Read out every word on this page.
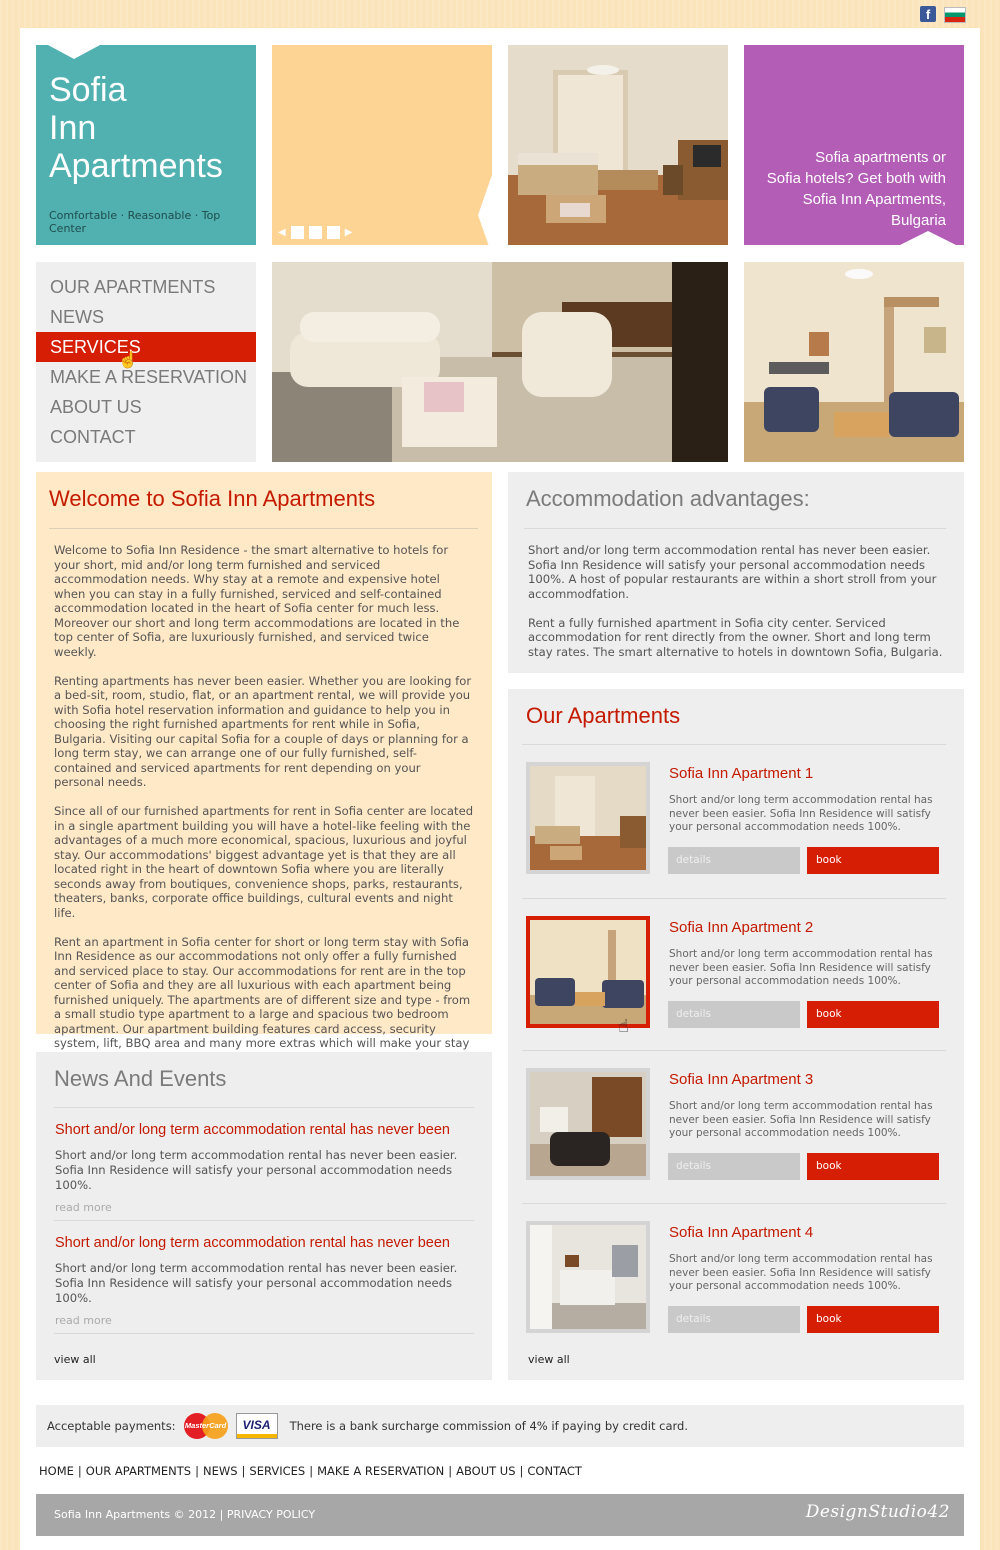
f
Sofia
Inn
Apartments
Comfortable · Reasonable · Top Center	◀	▶
Sofia apartments or
Sofia hotels? Get both with
Sofia Inn Apartments, Bulgaria
OUR APARTMENTS
NEWS
SERVICES
☝
MAKE A RESERVATION
ABOUT US
CONTACT
Welcome to Sofia Inn Apartments

Welcome to Sofia Inn Residence - the smart alternative to hotels for your short, mid and/or long term furnished and serviced accommodation needs. Why stay at a remote and expensive hotel when you can stay in a fully furnished, serviced and self-contained accommodation located in the heart of Sofia center for much less. Moreover our short and long term accommodations are located in the top center of Sofia, are luxuriously furnished, and serviced twice weekly.

Renting apartments has never been easier. Whether you are looking for a bed-sit, room, studio, flat, or an apartment rental, we will provide you with Sofia hotel reservation information and guidance to help you in choosing the right furnished apartments for rent while in Sofia, Bulgaria. Visiting our capital Sofia for a couple of days or planning for a long term stay, we can arrange one of our fully furnished, self-contained and serviced apartments for rent depending on your personal needs.

Since all of our furnished apartments for rent in Sofia center are located in a single apartment building you will have a hotel-like feeling with the advantages of a much more economical, spacious, luxurious and joyful stay. Our accommodations' biggest advantage yet is that they are all located right in the heart of downtown Sofia where you are literally seconds away from boutiques, convenience shops, parks, restaurants, theaters, banks, corporate office buildings, cultural events and night life.

Rent an apartment in Sofia center for short or long term stay with Sofia Inn Residence as our accommodations not only offer a fully furnished and serviced place to stay. Our accommodations for rent are in the top center of Sofia and they are all luxurious with each apartment being furnished uniquely. The apartments are of different size and type - from a small studio type apartment to a large and spacious two bedroom apartment. Our apartment building features card access, security system, lift, BBQ area and many more extras which will make your stay

Accommodation advantages:

Short and/or long term accommodation rental has never been easier. Sofia Inn Residence will satisfy your personal accommodation needs 100%. A host of popular restaurants are within a short stroll from your accommodfation.

Rent a fully furnished apartment in Sofia city center. Serviced accommodation for rent directly from the owner. Short and long term stay rates. The smart alternative to hotels in downtown Sofia, Bulgaria.

News And Events
Short and/or long term accommodation rental has never been
Short and/or long term accommodation rental has never been easier. Sofia Inn Residence will satisfy your personal accommodation needs 100%.
read more
Short and/or long term accommodation rental has never been
Short and/or long term accommodation rental has never been easier. Sofia Inn Residence will satisfy your personal accommodation needs 100%.
read more
view all
Our Apartments
Sofia Inn Apartment 1
Short and/or long term accommodation rental has never been easier. Sofia Inn Residence will satisfy your personal accommodation needs 100%.
details	book
Sofia Inn Apartment 2
Short and/or long term accommodation rental has never been easier. Sofia Inn Residence will satisfy your personal accommodation needs 100%.
details	book
☝
Sofia Inn Apartment 3
Short and/or long term accommodation rental has never been easier. Sofia Inn Residence will satisfy your personal accommodation needs 100%.
details	book
Sofia Inn Apartment 4
Short and/or long term accommodation rental has never been easier. Sofia Inn Residence will satisfy your personal accommodation needs 100%.
details	book
view all
Acceptable payments: MasterCard	VISA	There is a bank surcharge commission of 4% if paying by credit card.
HOME | OUR APARTMENTS | NEWS | SERVICES | MAKE A RESERVATION | ABOUT US | CONTACT
Sofia Inn Apartments © 2012 | PRIVACY POLICY	DesignStudio42
